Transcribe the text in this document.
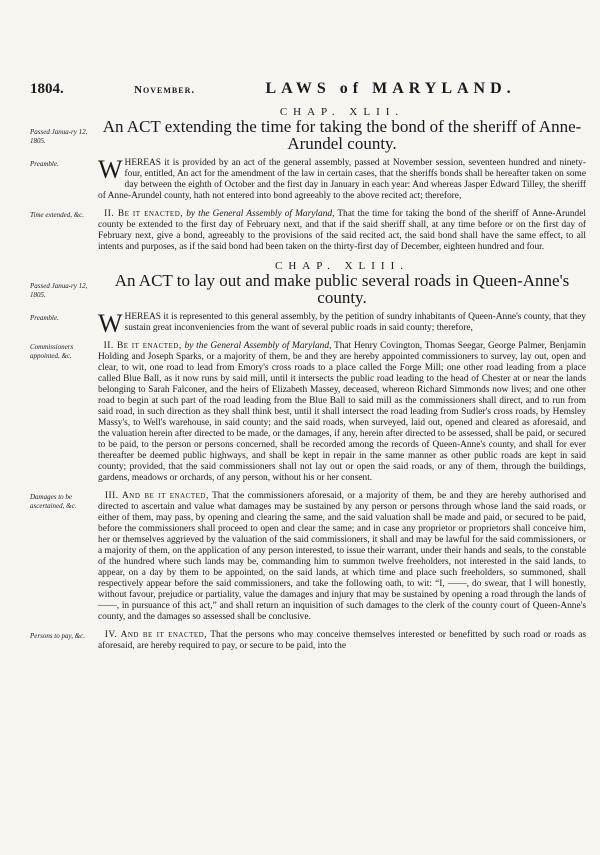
1804.	November.	LAWS of MARYLAND.
Passed Janua-ry 12, 1805.
CHAP. XLII.
An ACT extending the time for taking the bond of the sheriff of Anne-Arundel county.
Preamble.	WHEREAS it is provided by an act of the general assembly, passed at November session, seventeen hundred and ninety-four, entitled, An act for the amendment of the law in certain cases, that the sheriffs bonds shall be hereafter taken on some day between the eighth of October and the first day in January in each year: And whereas Jasper Edward Tilley, the sheriff of Anne-Arundel county, hath not entered into bond agreeably to the above recited act; therefore,

Time extended, &c.	II. Be it enacted, by the General Assembly of Maryland, That the time for taking the bond of the sheriff of Anne-Arundel county be extended to the first day of February next, and that if the said sheriff shall, at any time before or on the first day of February next, give a bond, agreeably to the provisions of the said recited act, the said bond shall have the same effect, to all intents and purposes, as if the said bond had been taken on the thirty-first day of December, eighteen hundred and four.

Passed Janua-ry 12, 1805.
CHAP. XLIII.
An ACT to lay out and make public several roads in Queen-Anne's county.
Preamble.	WHEREAS it is represented to this general assembly, by the petition of sundry inhabitants of Queen-Anne's county, that they sustain great inconveniencies from the want of several public roads in said county; therefore,

Commissioners appointed, &c.

II. Be it enacted, by the General Assembly of Maryland, That Henry Covington, Thomas Seegar, George Palmer, Benjamin Holding and Joseph Sparks, or a majority of them, be and they are hereby appointed commissioners to survey, lay out, open and clear, to wit, one road to lead from Emory's cross roads to a place called the Forge Mill; one other road leading from a place called Blue Ball, as it now runs by said mill, until it intersects the public road leading to the head of Chester at or near the lands belonging to Sarah Falconer, and the heirs of Elizabeth Massey, deceased, whereon Richard Simmonds now lives; and one other road to begin at such part of the road leading from the Blue Ball to said mill as the commissioners shall direct, and to run from said road, in such direction as they shall think best, until it shall intersect the road leading from Sudler's cross roads, by Hemsley Massy's, to Well's warehouse, in said county; and the said roads, when surveyed, laid out, opened and cleared as aforesaid, and the valuation herein after directed to be made, or the damages, if any, herein after directed to be assessed, shall be paid, or secured to be paid, to the person or persons concerned, shall be recorded among the records of Queen-Anne's county, and shall for ever thereafter be deemed public highways, and shall be kept in repair in the same manner as other public roads are kept in said county; provided, that the said commissioners shall not lay out or open the said roads, or any of them, through the buildings, gardens, meadows or orchards, of any person, without his or her consent.

Damages to be ascertained, &c.

III. And be it enacted, That the commissioners aforesaid, or a majority of them, be and they are hereby authorised and directed to ascertain and value what damages may be sustained by any person or persons through whose land the said roads, or either of them, may pass, by opening and clearing the same, and the said valuation shall be made and paid, or secured to be paid, before the commissioners shall proceed to open and clear the same; and in case any proprietor or proprietors shall conceive him, her or themselves aggrieved by the valuation of the said commissioners, it shall and may be lawful for the said commissioners, or a majority of them, on the application of any person interested, to issue their warrant, under their hands and seals, to the constable of the hundred where such lands may be, commanding him to summon twelve freeholders, not interested in the said lands, to appear, on a day by them to be appointed, on the said lands, at which time and place such freeholders, so summoned, shall respectively appear before the said commissioners, and take the following oath, to wit: “I, ——, do swear, that I will honestly, without favour, prejudice or partiality, value the damages and injury that may be sustained by opening a road through the lands of ——, in pursuance of this act,” and shall return an inquisition of such damages to the clerk of the county court of Queen-Anne's county, and the damages so assessed shall be conclusive.

Persons to pay, &c.	IV. And be it enacted, That the persons who may conceive themselves interested or benefitted by such road or roads as aforesaid, are hereby required to pay, or secure to be paid, into the
